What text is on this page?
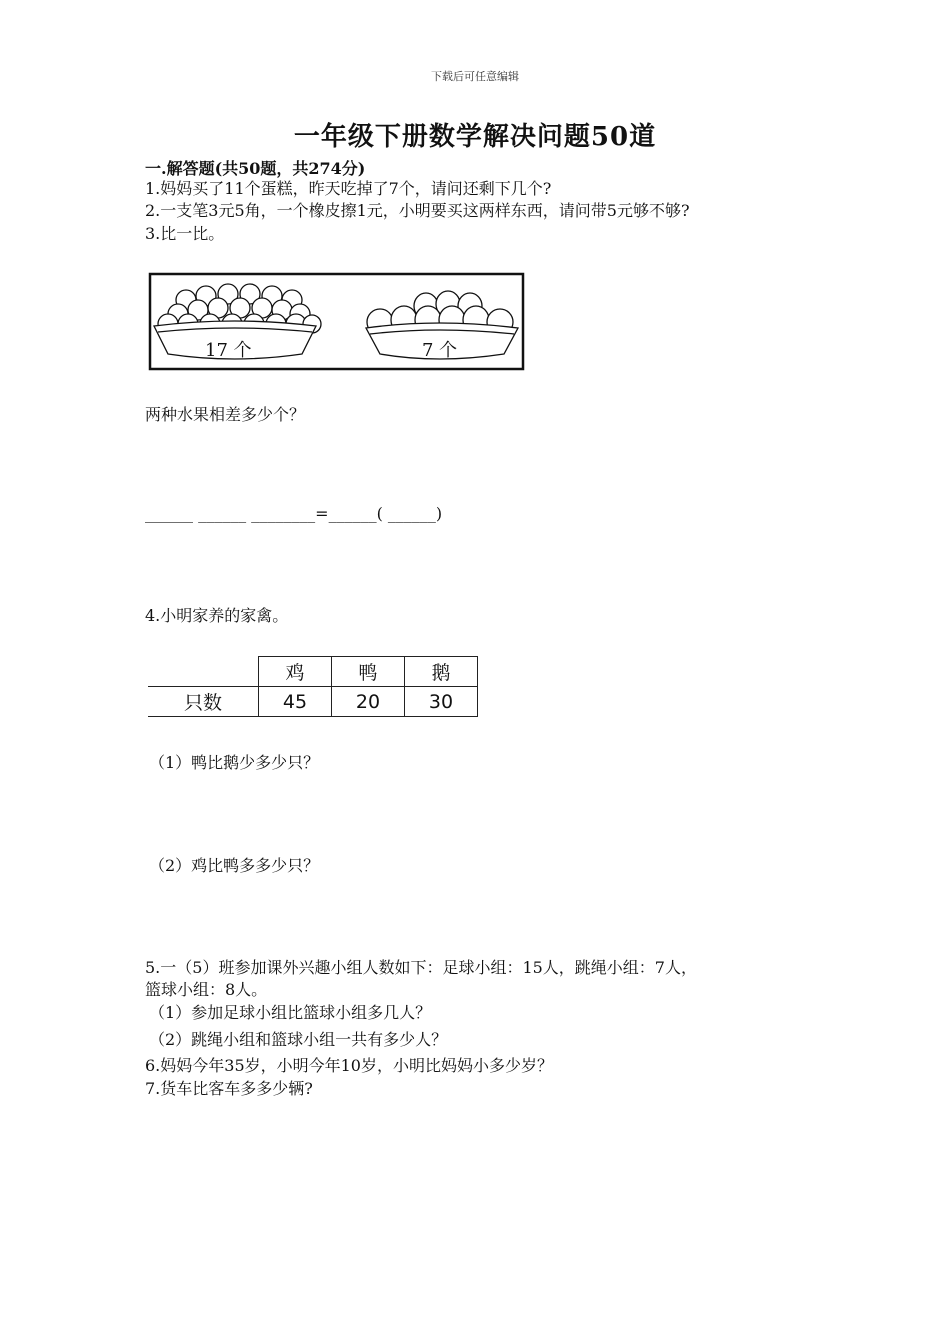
下载后可任意编辑
一年级下册数学解决问题50道
一.解答题(共50题，共274分)
1.妈妈买了11个蛋糕，昨天吃掉了7个，请问还剩下几个?
2.一支笔3元5角，一个橡皮擦1元，小明要买这两样东西，请问带5元够不够?
3.比一比。
17 个	7 个
两种水果相差多少个？
______ ______ ________=______( ______)
4.小明家养的家禽。
	鸡	鸭	鹅
只数	45	20	30
（1）鸭比鹅少多少只？
（2）鸡比鸭多多少只？
5.一（5）班参加课外兴趣小组人数如下：足球小组：15人，跳绳小组：7人，
篮球小组：8人。
（1）参加足球小组比篮球小组多几人？
（2）跳绳小组和篮球小组一共有多少人？
6.妈妈今年35岁，小明今年10岁，小明比妈妈小多少岁？
7.货车比客车多多少辆?
